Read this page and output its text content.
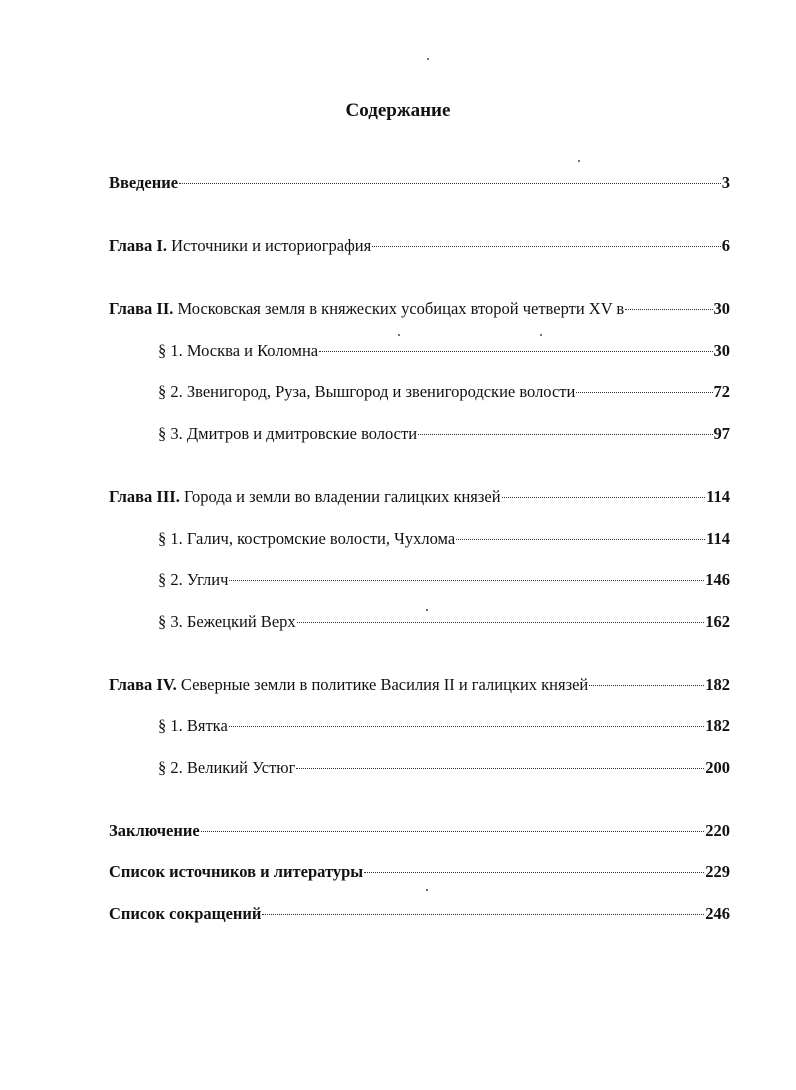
Содержание
Введение	3
Глава I. Источники и историография	6
Глава II. Московская земля в княжеских усобицах второй четверти XV в	30
§ 1. Москва и Коломна	30
§ 2. Звенигород, Руза, Вышгород и звенигородские волости	72
§ 3. Дмитров и дмитровские волости	97
Глава III. Города и земли во владении галицких князей	114
§ 1. Галич, костромские волости, Чухлома	114
§ 2. Углич	146
§ 3. Бежецкий Верх	162
Глава IV. Северные земли в политике Василия II и галицких князей	182
§ 1. Вятка	182
§ 2. Великий Устюг	200
Заключение	220
Список источников и литературы	229
Список сокращений	246
